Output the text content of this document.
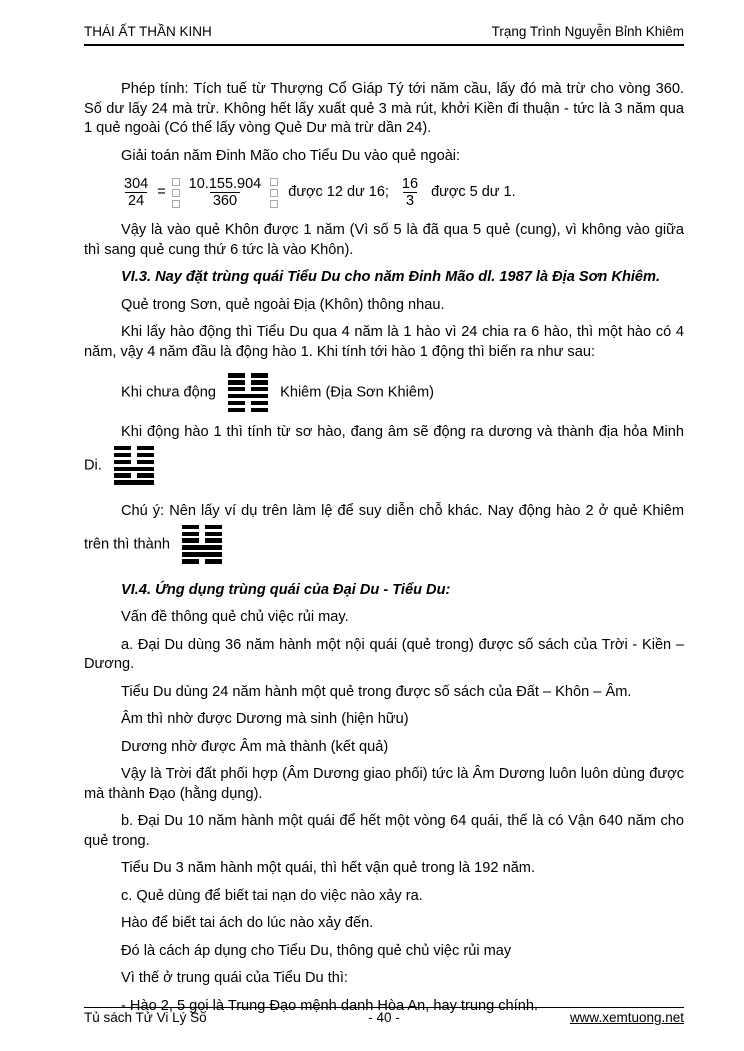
THÁI ẤT THẦN KINH	Trạng Trình Nguyễn Bỉnh Khiêm

Phép tính: Tích tuế từ Thượng Cổ Giáp Tý tới năm cầu, lấy đó mà trừ cho vòng 360. Số dư lấy 24 mà trừ. Không hết lấy xuất quẻ 3 mà rút, khởi Kiền đi thuận - tức là 3 năm qua 1 quẻ ngoài (Có thể lấy vòng Quẻ Dư mà trừ dần 24).

Giải toán năm Đinh Mão cho Tiểu Du vào quẻ ngoài:

$\frac{304}{24} = \frac{10.155.904}{360}$ được 12 dư 16; $\frac{16}{3}$ được 5 dư 1.

Vậy là vào quẻ Khôn được 1 năm (Vì số 5 là đã qua 5 quẻ (cung), vì không vào giữa thì sang quẻ cung thứ 6 tức là vào Khôn).

VI.3. Nay đặt trùng quái Tiểu Du cho năm Đinh Mão dl. 1987 là Địa Sơn Khiêm.

Quẻ trong Sơn, quẻ ngoài Địa (Khôn) thông nhau.

Khi lấy hào động thì Tiểu Du qua 4 năm là 1 hào vì 24 chia ra 6 hào, thì một hào có 4 năm, vậy 4 năm đầu là động hào 1. Khi tính tới hào 1 động thì biến ra như sau:

Khi chưa động	Khiêm (Địa Sơn Khiêm)

Khi động hào 1 thì tính từ sơ hào, đang âm sẽ động ra dương và thành địa hỏa Minh Di.

Chú ý: Nên lấy ví dụ trên làm lệ để suy diễn chỗ khác. Nay động hào 2 ở quẻ Khiêm trên thì thành

VI.4. Ứng dụng trùng quái của Đại Du - Tiểu Du:

Vấn đề thông quẻ chủ việc rủi may.

a. Đại Du dùng 36 năm hành một nội quái (quẻ trong) được số sách của Trời - Kiền – Dương.

Tiểu Du dùng 24 năm hành một quẻ trong được số sách của Đất – Khôn – Âm.

Âm thì nhờ được Dương mà sinh (hiện hữu)

Dương nhờ được Âm mà thành (kết quả)

Vậy là Trời đất phối hợp (Âm Dương giao phối) tức là Âm Dương luôn luôn dùng được mà thành Đạo (hằng dụng).

b. Đại Du 10 năm hành một quái để hết một vòng 64 quái, thế là có Vận 640 năm cho quẻ trong.

Tiểu Du 3 năm hành một quái, thì hết vận quẻ trong là 192 năm.

c. Quẻ dùng để biết tai nạn do việc nào xảy ra.

Hào để biết tai ách do lúc nào xảy đến.

Đó là cách áp dụng cho Tiểu Du, thông quẻ chủ việc rủi may

Vì thế ở trung quái của Tiểu Du thì:

- Hào 2, 5 gọi là Trung Đạo mệnh danh Hòa An, hay trung chính.

Tủ sách Tử Vi Lý Số	- 40 -	www.xemtuong.net
